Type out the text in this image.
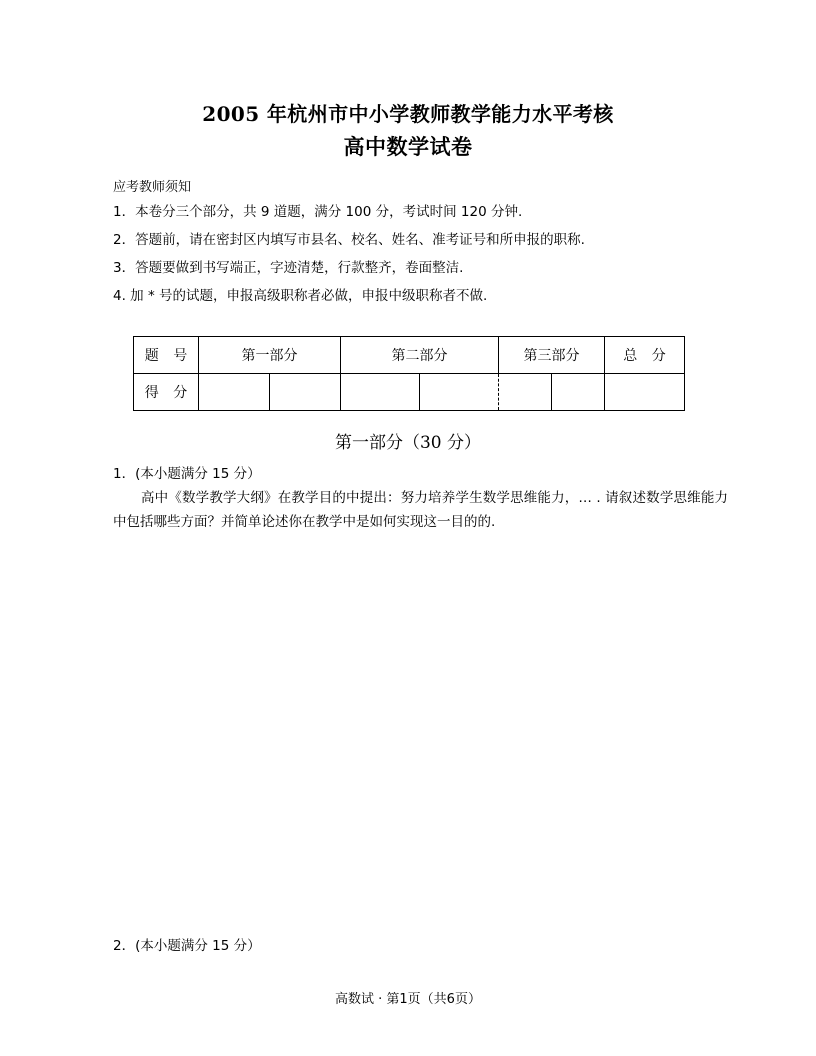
2005 年杭州市中小学教师教学能力水平考核
高中数学试卷
应考教师须知
1．本卷分三个部分，共 9 道题，满分 100 分，考试时间 120 分钟.
2．答题前，请在密封区内填写市县名、校名、姓名、准考证号和所申报的职称.
3．答题要做到书写端正，字迹清楚，行款整齐，卷面整洁.
4. 加 * 号的试题，申报高级职称者必做，申报中级职称者不做.
题 号	第一部分		第二部分		第三部分		总 分
得 分							
第一部分（30 分）
1．(本小题满分 15 分）
高中《数学教学大纲》在教学目的中提出：努力培养学生数学思维能力，… . 请叙述数学思维能力中包括哪些方面？并简单论述你在教学中是如何实现这一目的的.
2．(本小题满分 15 分）
高数试 · 第1页（共6页）
